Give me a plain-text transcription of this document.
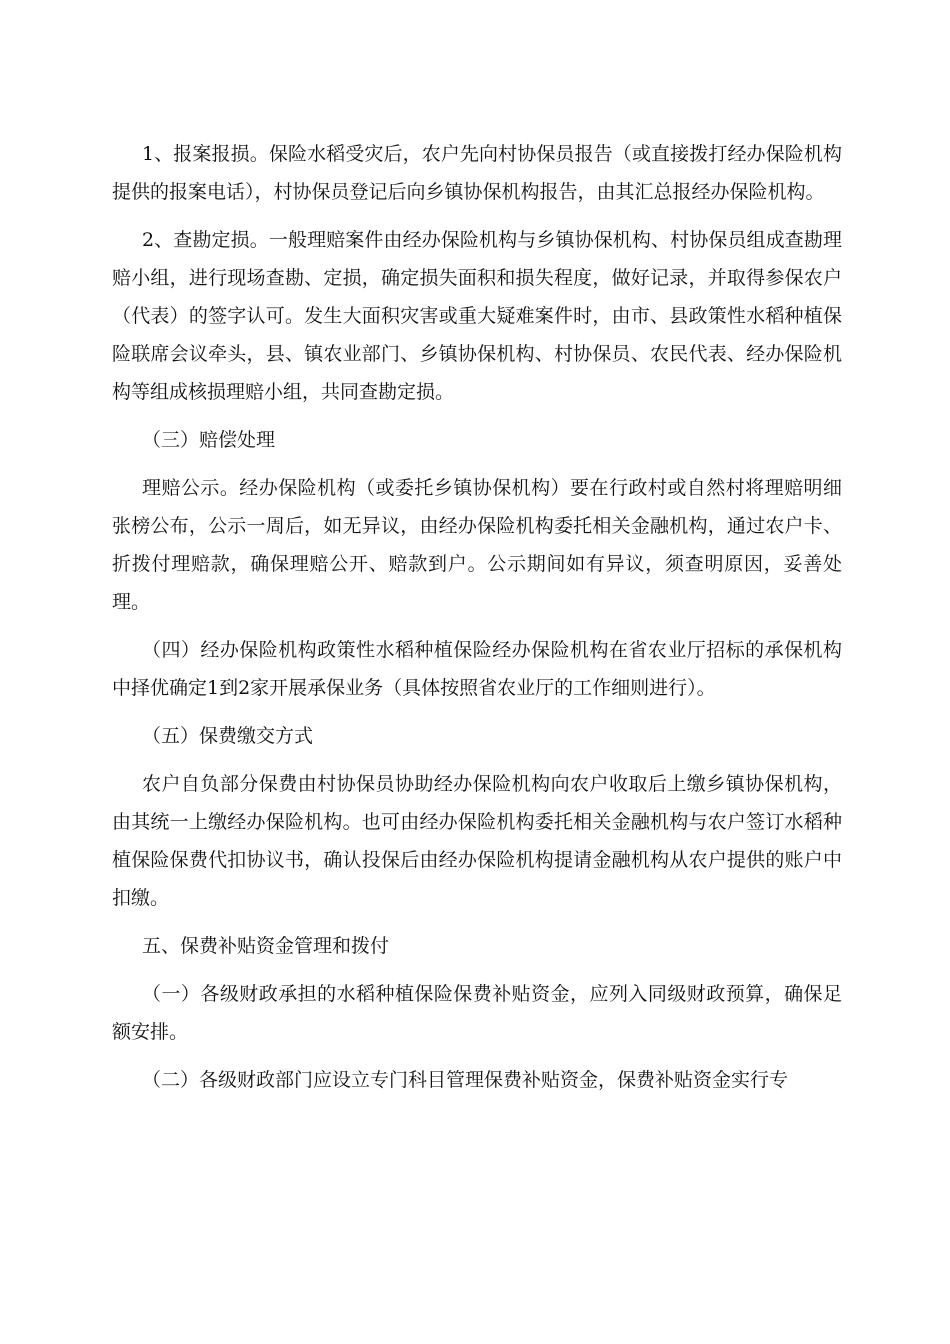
1、报案报损。保险水稻受灾后，农户先向村协保员报告（或直接拨打经办保险机构提供的报案电话），村协保员登记后向乡镇协保机构报告，由其汇总报经办保险机构。

2、查勘定损。一般理赔案件由经办保险机构与乡镇协保机构、村协保员组成查勘理赔小组，进行现场查勘、定损，确定损失面积和损失程度，做好记录，并取得参保农户（代表）的签字认可。发生大面积灾害或重大疑难案件时，由市、县政策性水稻种植保险联席会议牵头，县、镇农业部门、乡镇协保机构、村协保员、农民代表、经办保险机构等组成核损理赔小组，共同查勘定损。

（三）赔偿处理

理赔公示。经办保险机构（或委托乡镇协保机构）要在行政村或自然村将理赔明细张榜公布，公示一周后，如无异议，由经办保险机构委托相关金融机构，通过农户卡、折拨付理赔款，确保理赔公开、赔款到户。公示期间如有异议，须查明原因，妥善处理。

（四）经办保险机构政策性水稻种植保险经办保险机构在省农业厅招标的承保机构中择优确定1到2家开展承保业务（具体按照省农业厅的工作细则进行）。

（五）保费缴交方式

农户自负部分保费由村协保员协助经办保险机构向农户收取后上缴乡镇协保机构，由其统一上缴经办保险机构。也可由经办保险机构委托相关金融机构与农户签订水稻种植保险保费代扣协议书，确认投保后由经办保险机构提请金融机构从农户提供的账户中扣缴。

五、保费补贴资金管理和拨付

（一）各级财政承担的水稻种植保险保费补贴资金，应列入同级财政预算，确保足额安排。

（二）各级财政部门应设立专门科目管理保费补贴资金，保费补贴资金实行专
